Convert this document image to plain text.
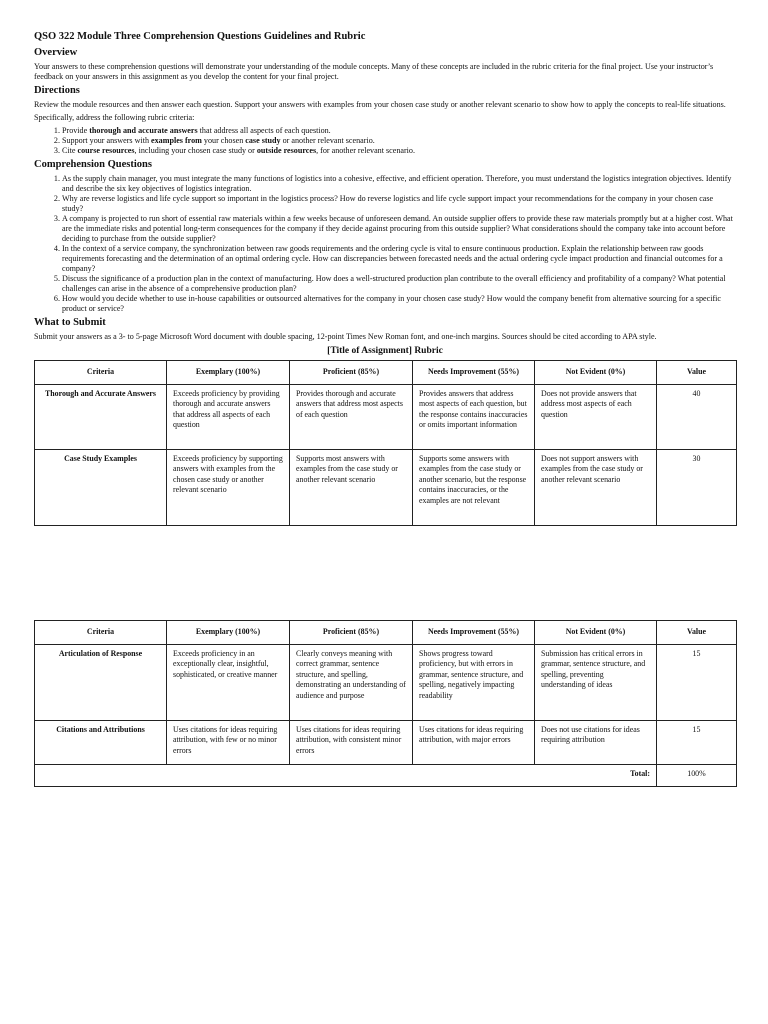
QSO 322 Module Three Comprehension Questions Guidelines and Rubric
Overview

Your answers to these comprehension questions will demonstrate your understanding of the module concepts. Many of these concepts are included in the rubric criteria for the final project. Use your instructor’s feedback on your answers in this assignment as you develop the content for your final project.

Directions

Review the module resources and then answer each question. Support your answers with examples from your chosen case study or another relevant scenario to show how to apply the concepts to real-life situations.

Specifically, address the following rubric criteria:

1. Provide thorough and accurate answers that address all aspects of each question.
2. Support your answers with examples from your chosen case study or another relevant scenario.
3. Cite course resources, including your chosen case study or outside resources, for another relevant scenario.
Comprehension Questions
1. As the supply chain manager, you must integrate the many functions of logistics into a cohesive, effective, and efficient operation. Therefore, you must understand the logistics integration objectives. Identify and describe the six key objectives of logistics integration.
2. Why are reverse logistics and life cycle support so important in the logistics process? How do reverse logistics and life cycle support impact your recommendations for the company in your chosen case study?
3. A company is projected to run short of essential raw materials within a few weeks because of unforeseen demand. An outside supplier offers to provide these raw materials promptly but at a higher cost. What are the immediate risks and potential long-term consequences for the company if they decide against procuring from this outside supplier? What considerations should the company take into account before deciding to purchase from the outside supplier?
4. In the context of a service company, the synchronization between raw goods requirements and the ordering cycle is vital to ensure continuous production. Explain the relationship between raw goods requirements forecasting and the determination of an optimal ordering cycle. How can discrepancies between forecasted needs and the actual ordering cycle impact production and financial outcomes for a company?
5. Discuss the significance of a production plan in the context of manufacturing. How does a well-structured production plan contribute to the overall efficiency and profitability of a company? What potential challenges can arise in the absence of a comprehensive production plan?
6. How would you decide whether to use in-house capabilities or outsourced alternatives for the company in your chosen case study? How would the company benefit from alternative sourcing for a specific product or service?
What to Submit

Submit your answers as a 3- to 5-page Microsoft Word document with double spacing, 12-point Times New Roman font, and one-inch margins. Sources should be cited according to APA style.

[Title of Assignment] Rubric
Criteria	Exemplary (100%)	Proficient (85%)	Needs Improvement (55%)	Not Evident (0%)	Value
Thorough and Accurate Answers	Exceeds proficiency by providing thorough and accurate answers that address all aspects of each question	Provides thorough and accurate answers that address most aspects of each question	Provides answers that address most aspects of each question, but the response contains inaccuracies or omits important information	Does not provide answers that address most aspects of each question	40
Case Study Examples	Exceeds proficiency by supporting answers with examples from the chosen case study or another relevant scenario	Supports most answers with examples from the case study or another relevant scenario	Supports some answers with examples from the case study or another scenario, but the response contains inaccuracies, or the examples are not relevant	Does not support answers with examples from the case study or another relevant scenario	30
Criteria	Exemplary (100%)	Proficient (85%)	Needs Improvement (55%)	Not Evident (0%)	Value
Articulation of Response	Exceeds proficiency in an exceptionally clear, insightful, sophisticated, or creative manner	Clearly conveys meaning with correct grammar, sentence structure, and spelling, demonstrating an understanding of audience and purpose	Shows progress toward proficiency, but with errors in grammar, sentence structure, and spelling, negatively impacting readability	Submission has critical errors in grammar, sentence structure, and spelling, preventing understanding of ideas	15
Citations and Attributions	Uses citations for ideas requiring attribution, with few or no minor errors	Uses citations for ideas requiring attribution, with consistent minor errors	Uses citations for ideas requiring attribution, with major errors	Does not use citations for ideas requiring attribution	15
Total:					100%
